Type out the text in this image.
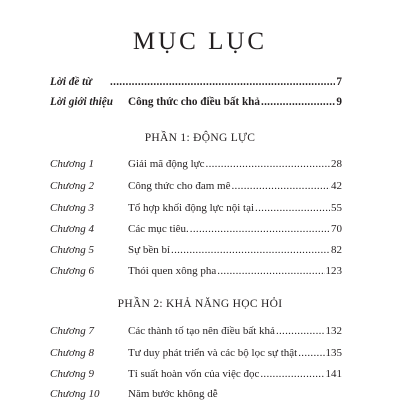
MỤC LỤC
Lời đề từ .....	7
Lời giới thiệu Công thức cho điều bất khả .....	9
PHẦN 1: ĐỘNG LỰC
Chương 1	Giải mã động lực .....	28
Chương 2	Công thức cho đam mê .....	42
Chương 3	Tổ hợp khối động lực nội tại .....	55
Chương 4	Các mục tiêu. .....	70
Chương 5	Sự bền bỉ .....	82
Chương 6	Thói quen xông pha .....	123
PHẦN 2: KHẢ NĂNG HỌC HỎI
Chương 7	Các thành tố tạo nên điều bất khả .....	132
Chương 8	Tư duy phát triển và các bộ lọc sự thật .....	135
Chương 9	Tỉ suất hoàn vốn của việc đọc .....	141
Chương 10	Năm bước không dễ
